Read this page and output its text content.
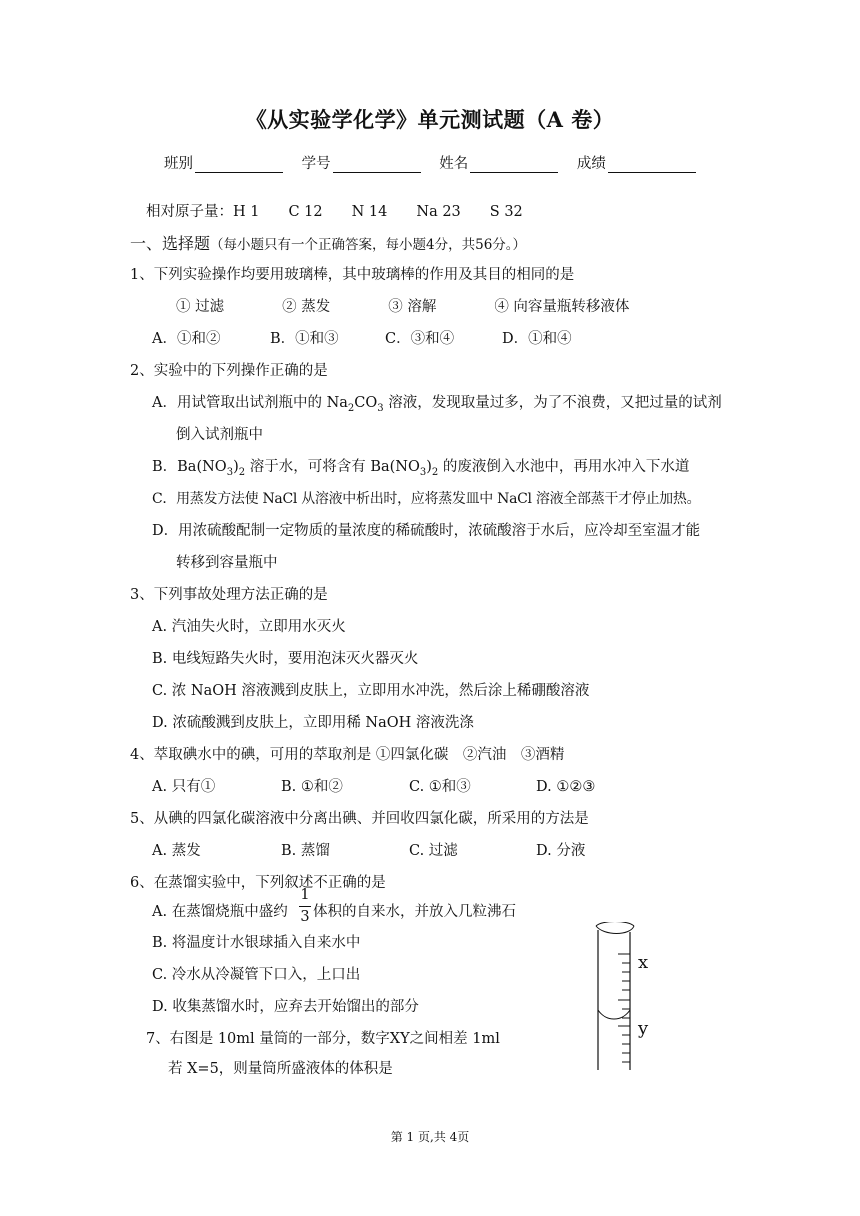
《从实验学化学》单元测试题（A 卷）
班别	学号	姓名	成绩
相对原子量：H 1　　C 12　　N 14　　Na 23　　S 32
一、选择题（每小题只有一个正确答案，每小题4分，共56分。）
1、下列实验操作均要用玻璃棒，其中玻璃棒的作用及其目的相同的是
① 过滤　　　　② 蒸发　　　　③ 溶解　　　　④ 向容量瓶转移液体
A．①和②	B．①和③	C．③和④	D．①和④
2、实验中的下列操作正确的是
A．用试管取出试剂瓶中的 $Na_2CO_3$ 溶液，发现取量过多，为了不浪费，又把过量的试剂
倒入试剂瓶中
B．$Ba(NO_3)_2$ 溶于水，可将含有 $Ba(NO_3)_2$ 的废液倒入水池中，再用水冲入下水道
C．用蒸发方法使 NaCl 从溶液中析出时，应将蒸发皿中 NaCl 溶液全部蒸干才停止加热。
D．用浓硫酸配制一定物质的量浓度的稀硫酸时，浓硫酸溶于水后，应冷却至室温才能
转移到容量瓶中
3、下列事故处理方法正确的是
A. 汽油失火时，立即用水灭火
B. 电线短路失火时，要用泡沫灭火器灭火
C. 浓 NaOH 溶液溅到皮肤上，立即用水冲洗，然后涂上稀硼酸溶液
D. 浓硫酸溅到皮肤上，立即用稀 NaOH 溶液洗涤
4、萃取碘水中的碘，可用的萃取剂是 ①四氯化碳　②汽油　③酒精
A. 只有①	B. ①和②	C. ①和③	D. ①②③
5、从碘的四氯化碳溶液中分离出碘、并回收四氯化碳，所采用的方法是
A. 蒸发	B. 蒸馏	C. 过滤	D. 分液
6、在蒸馏实验中，下列叙述不正确的是
A. 在蒸馏烧瓶中盛约
1
3 体积的自来水，并放入几粒沸石
B. 将温度计水银球插入自来水中
C. 冷水从冷凝管下口入，上口出
D. 收集蒸馏水时，应弃去开始馏出的部分
7、右图是 10ml 量筒的一部分，数字XY之间相差 1ml
若 X=5，则量筒所盛液体的体积是
x
y
第 1 页,共 4页
